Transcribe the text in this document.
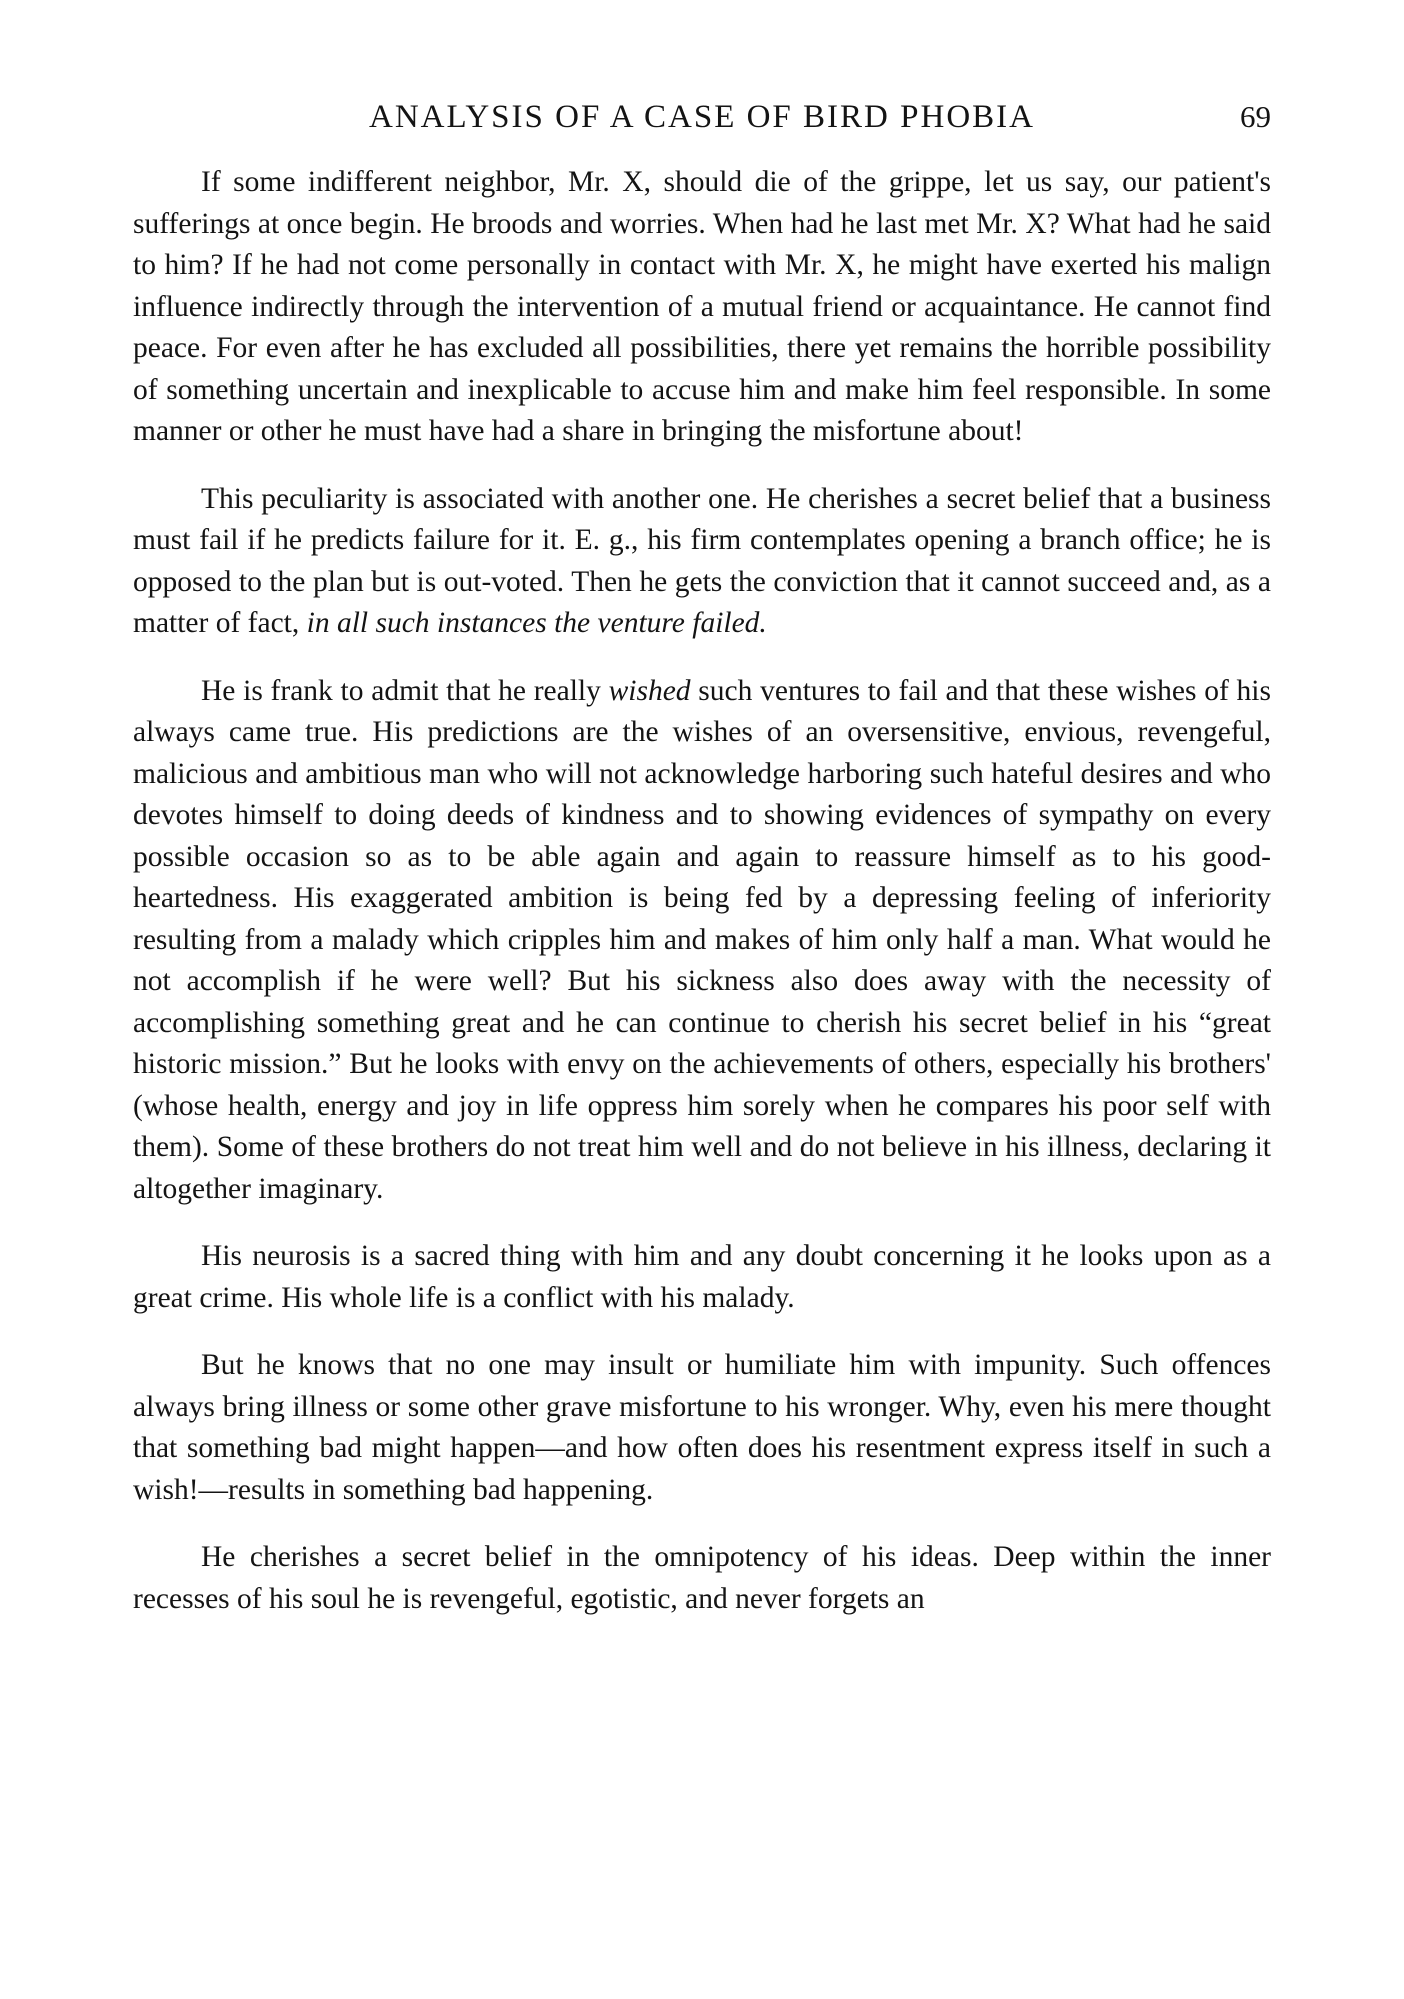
ANALYSIS OF A CASE OF BIRD PHOBIA	69

If some indifferent neighbor, Mr. X, should die of the grippe, let us say, our patient's sufferings at once begin. He broods and worries. When had he last met Mr. X? What had he said to him? If he had not come personally in contact with Mr. X, he might have exerted his malign influence indirectly through the intervention of a mutual friend or acquaintance. He cannot find peace. For even after he has excluded all possibilities, there yet remains the horrible possibility of something uncertain and inexplicable to accuse him and make him feel responsible. In some manner or other he must have had a share in bringing the misfortune about!

This peculiarity is associated with another one. He cherishes a secret belief that a business must fail if he predicts failure for it. E. g., his firm contemplates opening a branch office; he is opposed to the plan but is out-voted. Then he gets the conviction that it cannot succeed and, as a matter of fact, in all such instances the venture failed.

He is frank to admit that he really wished such ventures to fail and that these wishes of his always came true. His predictions are the wishes of an oversensitive, envious, revengeful, malicious and ambitious man who will not acknowledge harboring such hateful desires and who devotes himself to doing deeds of kindness and to showing evidences of sympathy on every possible occasion so as to be able again and again to reassure himself as to his good-heartedness. His exaggerated ambition is being fed by a depressing feeling of inferiority resulting from a malady which cripples him and makes of him only half a man. What would he not accomplish if he were well? But his sickness also does away with the necessity of accomplishing something great and he can continue to cherish his secret belief in his “great historic mission.” But he looks with envy on the achievements of others, especially his brothers' (whose health, energy and joy in life oppress him sorely when he compares his poor self with them). Some of these brothers do not treat him well and do not believe in his illness, declaring it altogether imaginary.

His neurosis is a sacred thing with him and any doubt concerning it he looks upon as a great crime. His whole life is a conflict with his malady.

But he knows that no one may insult or humiliate him with impunity. Such offences always bring illness or some other grave misfortune to his wronger. Why, even his mere thought that something bad might happen—and how often does his resentment express itself in such a wish!—results in something bad happening.

He cherishes a secret belief in the omnipotency of his ideas. Deep within the inner recesses of his soul he is revengeful, egotistic, and never forgets an
